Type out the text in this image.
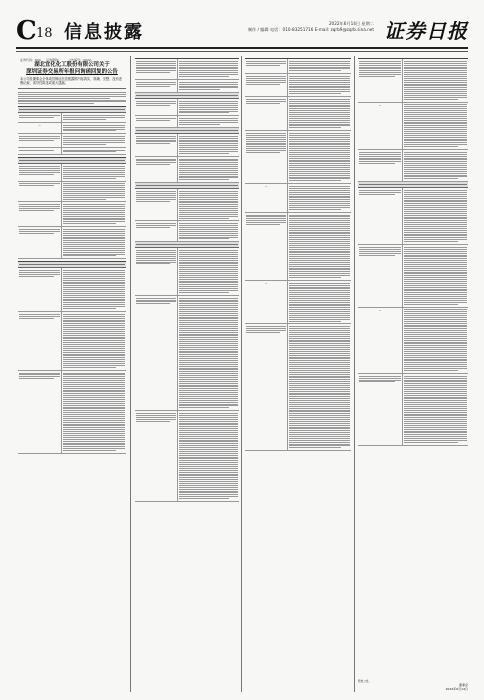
C 18 信息披露	2022年6月14日 星期二
制作 / 编辑 电话：010-83251716 E-mail: zqrb9@zqrb.sina.net 证券日报
证券代码：600___ 证券简称：____ 公告编号：2022-___
湖北宜化化工股份有限公司关于
深圳证券交易所年报问询函回复的公告
本公司及董事会全体成员保证信息披露的内容真实、准确、完整，没有虚假记载、误导性陈述或重大遗漏。
—
—
—
—
—
特此公告。
董事会
2022年6月14日
